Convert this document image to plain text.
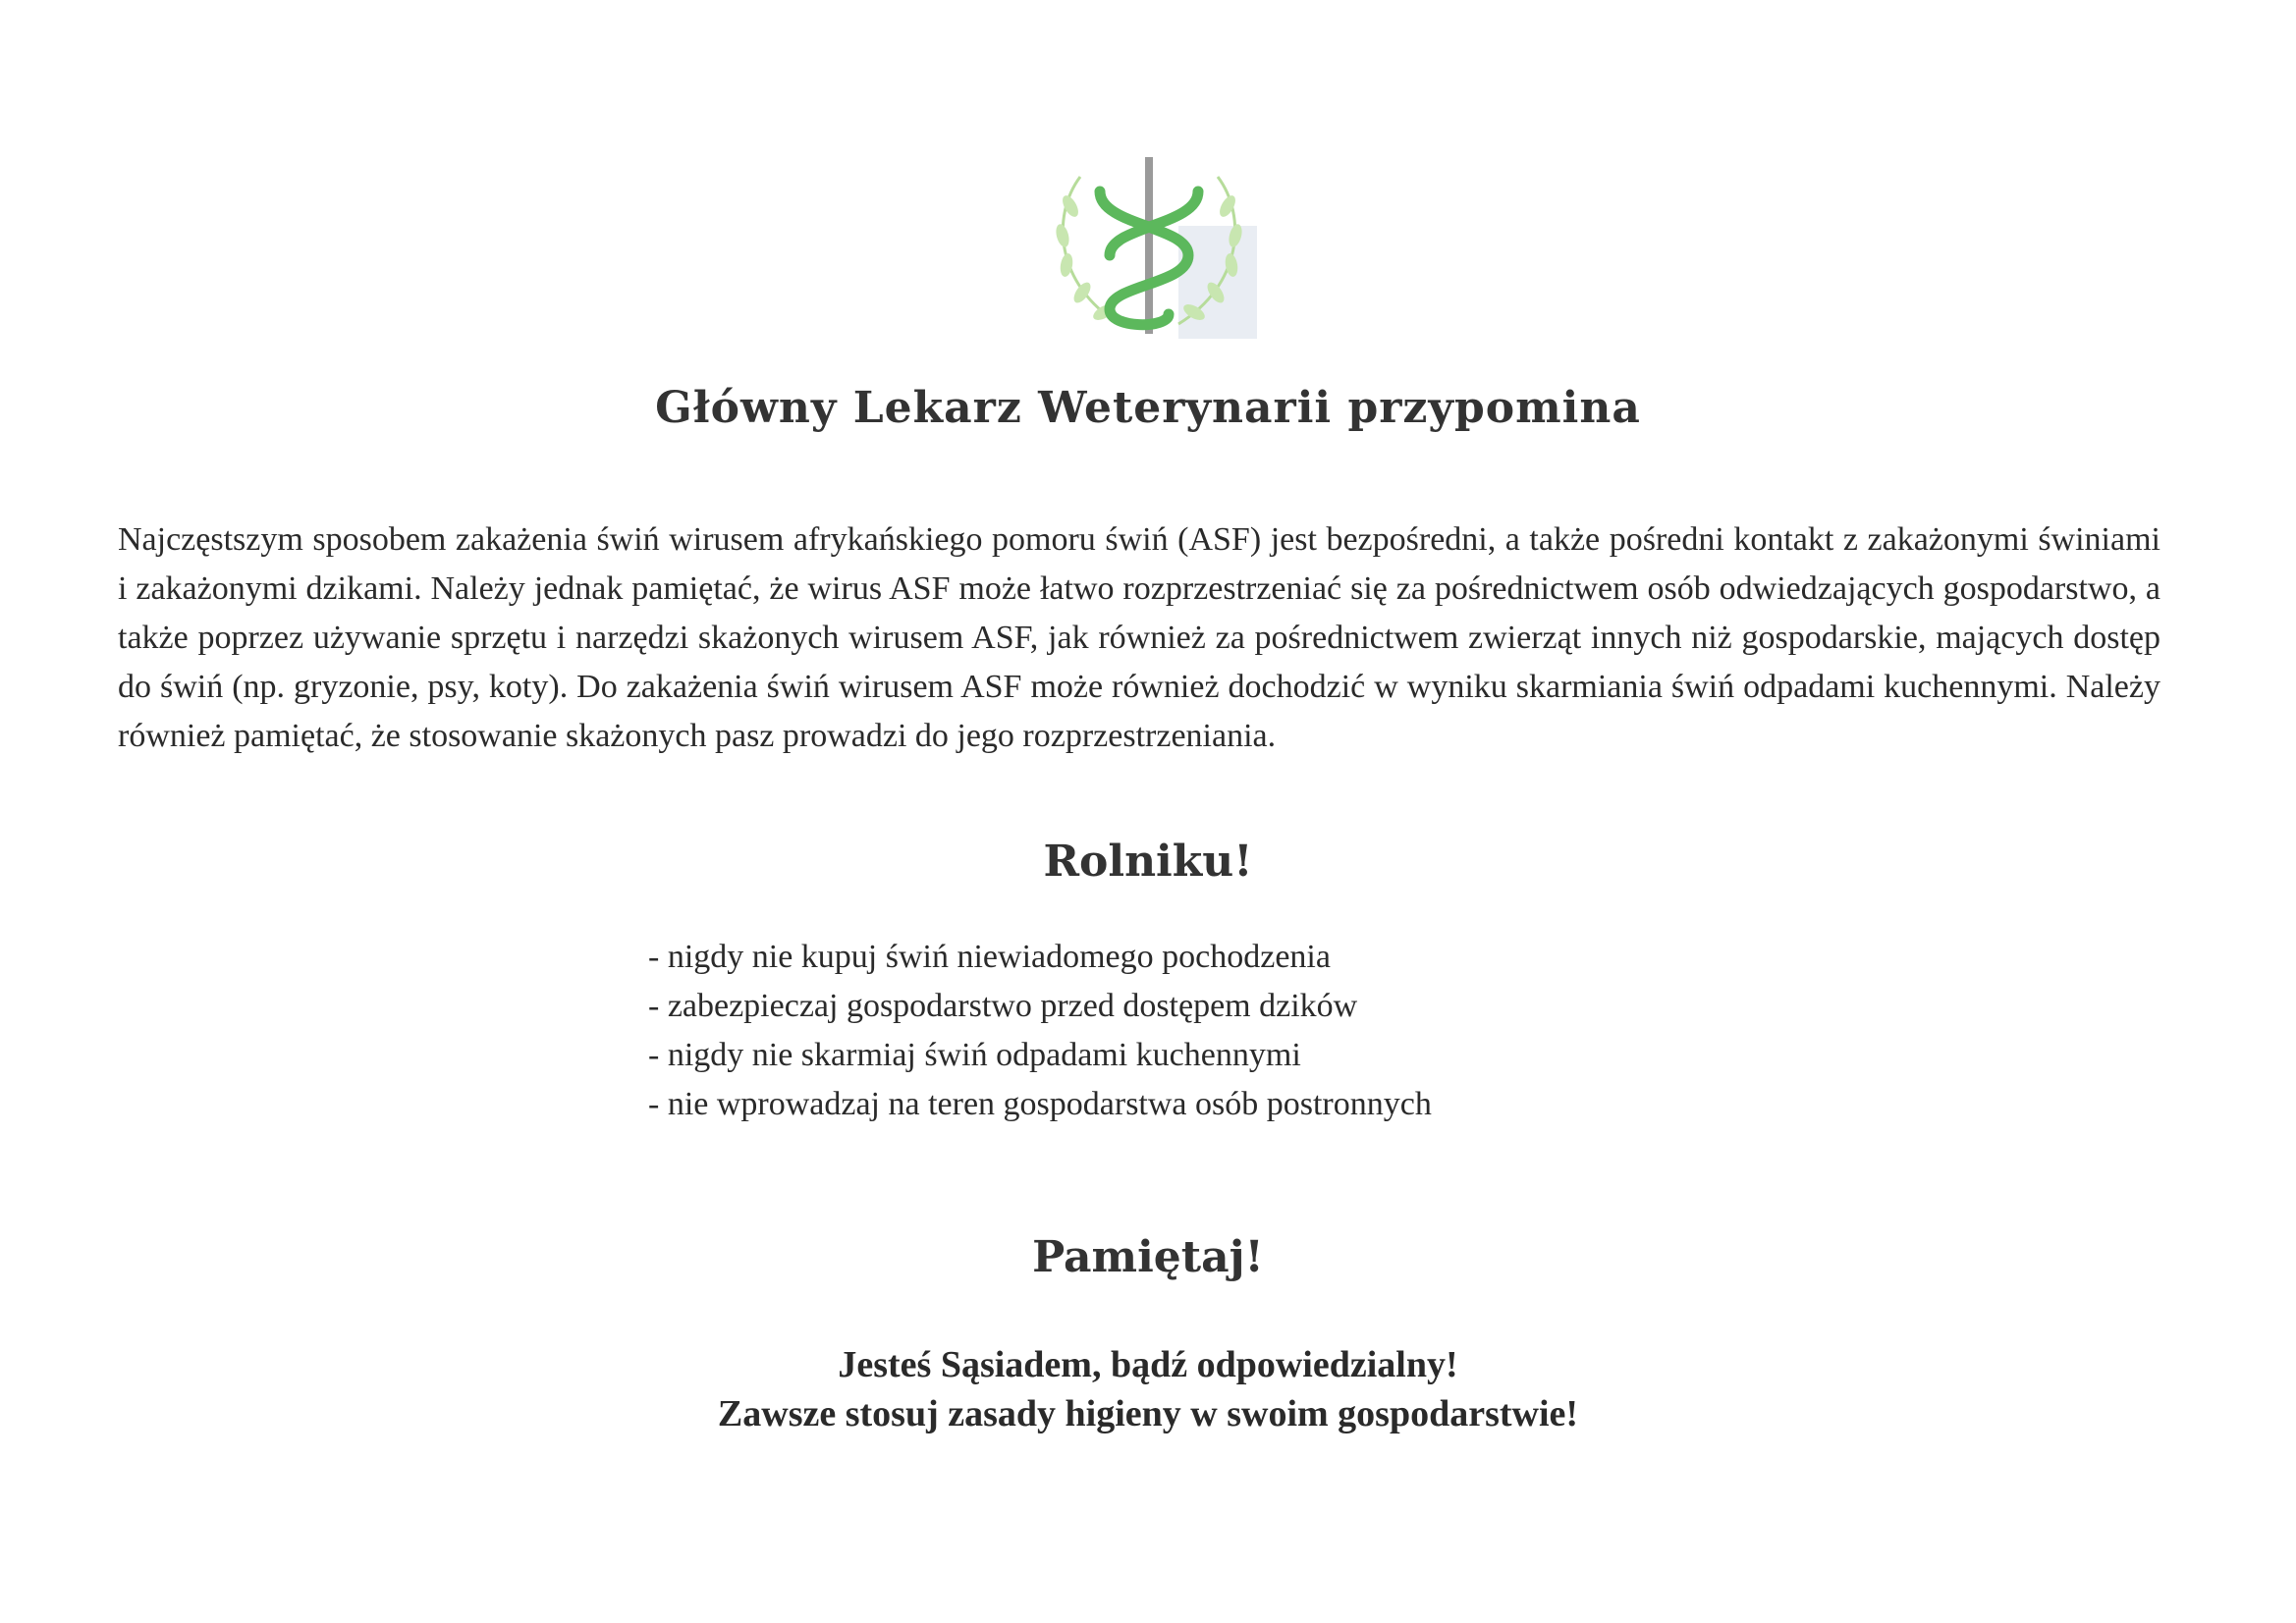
Główny Lekarz Weterynarii przypomina
Najczęstszym sposobem zakażenia świń wirusem afrykańskiego pomoru świń (ASF) jest bezpośredni, a także pośredni kontakt z zakażonymi świniami i zakażonymi dzikami. Należy jednak pamiętać, że wirus ASF może łatwo rozprzestrzeniać się za pośrednictwem osób odwiedzających gospodarstwo, a także poprzez używanie sprzętu i narzędzi skażonych wirusem ASF, jak również za pośrednictwem zwierząt innych niż gospodarskie, mających dostęp do świń (np. gryzonie, psy, koty). Do zakażenia świń wirusem ASF może również dochodzić w wyniku skarmiania świń odpadami kuchennymi. Należy również pamiętać, że stosowanie skażonych pasz prowadzi do jego rozprzestrzeniania.
Rolniku!
- nigdy nie kupuj świń niewiadomego pochodzenia
- zabezpieczaj gospodarstwo przed dostępem dzików
- nigdy nie skarmiaj świń odpadami kuchennymi
- nie wprowadzaj na teren gospodarstwa osób postronnych
Pamiętaj!
Jesteś Sąsiadem, bądź odpowiedzialny!
Zawsze stosuj zasady higieny w swoim gospodarstwie!
